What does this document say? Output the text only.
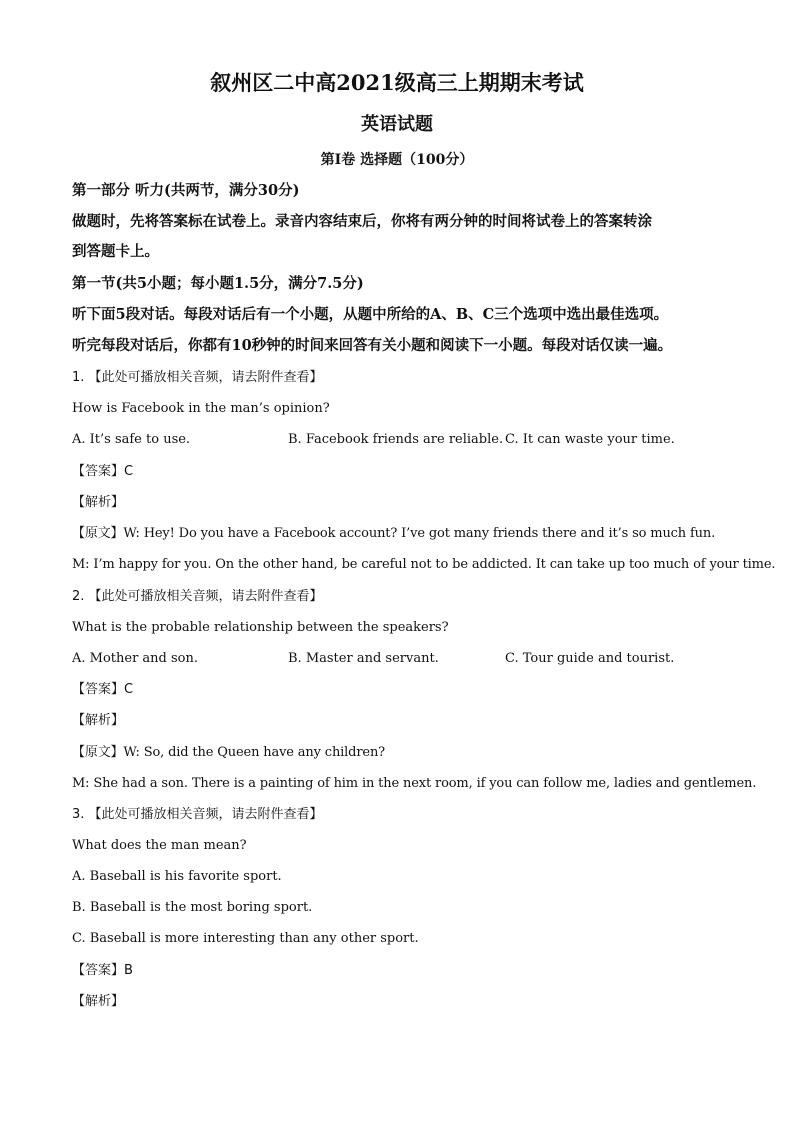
叙州区二中高2021级高三上期期末考试
英语试题
第I卷 选择题（100分）
第一部分 听力(共两节，满分30分)
做题时，先将答案标在试卷上。录音内容结束后，你将有两分钟的时间将试卷上的答案转涂
到答题卡上。
第一节(共5小题；每小题1.5分，满分7.5分)
听下面5段对话。每段对话后有一个小题，从题中所给的A、B、C三个选项中选出最佳选项。
听完每段对话后，你都有10秒钟的时间来回答有关小题和阅读下一小题。每段对话仅读一遍。
1. 【此处可播放相关音频，请去附件查看】
How is Facebook in the man’s opinion?
A. It’s safe to use.	B. Facebook friends are reliable. C. It can waste your time.
【答案】C
【解析】
【原文】W: Hey! Do you have a Facebook account? I’ve got many friends there and it’s so much fun.
M: I’m happy for you. On the other hand, be careful not to be addicted. It can take up too much of your time.
2. 【此处可播放相关音频，请去附件查看】
What is the probable relationship between the speakers?
A. Mother and son.	B. Master and servant.	C. Tour guide and tourist.
【答案】C
【解析】
【原文】W: So, did the Queen have any children?
M: She had a son. There is a painting of him in the next room, if you can follow me, ladies and gentlemen.
3. 【此处可播放相关音频，请去附件查看】
What does the man mean?
A. Baseball is his favorite sport.
B. Baseball is the most boring sport.
C. Baseball is more interesting than any other sport.
【答案】B
【解析】
